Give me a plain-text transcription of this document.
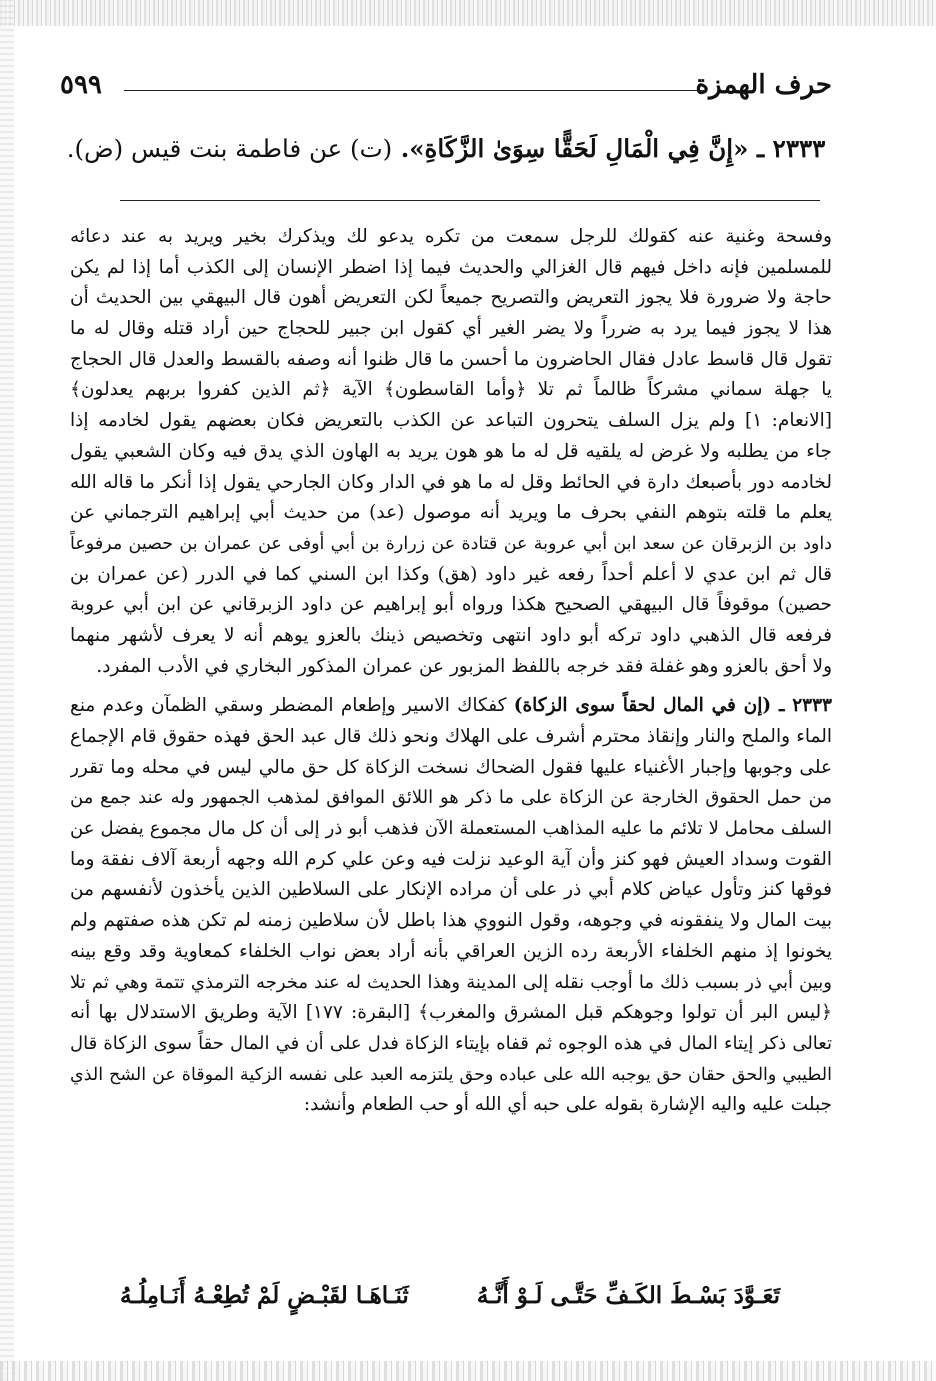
حرف الهمزة
٥٩٩
٢٣٣٣ ـ «إِنَّ فِي الْمَالِ لَحَقًّا سِوَىٰ الزَّكَاةِ». (ت) عن فاطمة بنت قيس (ض).
وفسحة وغنية عنه كقولك للرجل سمعت من تكره يدعو لك ويذكرك بخير ويريد به عند دعائه
للمسلمين فإنه داخل فيهم قال الغزالي والحديث فيما إذا اضطر الإنسان إلى الكذب أما إذا لم يكن
حاجة ولا ضرورة فلا يجوز التعريض والتصريح جميعاً لكن التعريض أهون قال البيهقي بين الحديث أن
هذا لا يجوز فيما يرد به ضرراً ولا يضر الغير أي كقول ابن جبير للحجاج حين أراد قتله وقال له ما
تقول قال قاسط عادل فقال الحاضرون ما أحسن ما قال ظنوا أنه وصفه بالقسط والعدل قال الحجاج
يا جهلة سماني مشركاً ظالماً ثم تلا ﴿وأما القاسطون﴾ الآية ﴿ثم الذين كفروا بربهم يعدلون﴾
[الانعام: ١] ولم يزل السلف يتحرون التباعد عن الكذب بالتعريض فكان بعضهم يقول لخادمه إذا
جاء من يطلبه ولا غرض له يلقيه قل له ما هو هون يريد به الهاون الذي يدق فيه وكان الشعبي يقول
لخادمه دور بأصبعك دارة في الحائط وقل له ما هو في الدار وكان الجارحي يقول إذا أنكر ما قاله الله
يعلم ما قلته بتوهم النفي بحرف ما ويريد أنه موصول (عد) من حديث أبي إبراهيم الترجماني عن
داود بن الزبرقان عن سعد ابن أبي عروبة عن قتادة عن زرارة بن أبي أوفى عن عمران بن حصين مرفوعاً
قال ثم ابن عدي لا أعلم أحداً رفعه غير داود (هق) وكذا ابن السني كما في الدرر (عن عمران بن
حصين) موقوفاً قال البيهقي الصحيح هكذا ورواه أبو إبراهيم عن داود الزبرقاني عن ابن أبي عروبة
فرفعه قال الذهبي داود تركه أبو داود انتهى وتخصيص ذينك بالعزو يوهم أنه لا يعرف لأشهر منهما
ولا أحق بالعزو وهو غفلة فقد خرجه باللفظ المزبور عن عمران المذكور البخاري في الأدب المفرد.
٢٣٣٣ ـ (إن في المال لحقاً سوى الزكاة) كفكاك الاسير وإطعام المضطر وسقي الظمآن وعدم منع
الماء والملح والنار وإنقاذ محترم أشرف على الهلاك ونحو ذلك قال عبد الحق فهذه حقوق قام الإجماع
على وجوبها وإجبار الأغنياء عليها فقول الضحاك نسخت الزكاة كل حق مالي ليس في محله وما تقرر
من حمل الحقوق الخارجة عن الزكاة على ما ذكر هو اللائق الموافق لمذهب الجمهور وله عند جمع من
السلف محامل لا تلائم ما عليه المذاهب المستعملة الآن فذهب أبو ذر إلى أن كل مال مجموع يفضل عن
القوت وسداد العيش فهو كنز وأن آية الوعيد نزلت فيه وعن علي كرم الله وجهه أربعة آلاف نفقة وما
فوقها كنز وتأول عياض كلام أبي ذر على أن مراده الإنكار على السلاطين الذين يأخذون لأنفسهم من
بيت المال ولا ينفقونه في وجوهه، وقول النووي هذا باطل لأن سلاطين زمنه لم تكن هذه صفتهم ولم
يخونوا إذ منهم الخلفاء الأربعة رده الزين العراقي بأنه أراد بعض نواب الخلفاء كمعاوية وقد وقع بينه
وبين أبي ذر بسبب ذلك ما أوجب نقله إلى المدينة وهذا الحديث له عند مخرجه الترمذي تتمة وهي ثم تلا
﴿ليس البر أن تولوا وجوهكم قبل المشرق والمغرب﴾ [البقرة: ١٧٧] الآية وطريق الاستدلال بها أنه
تعالى ذكر إيتاء المال في هذه الوجوه ثم قفاه بإيتاء الزكاة فدل على أن في المال حقاً سوى الزكاة قال
الطيبي والحق حقان حق يوجبه الله على عباده وحق يلتزمه العبد على نفسه الزكية الموقاة عن الشح الذي
جبلت عليه واليه الإشارة بقوله على حبه أي الله أو حب الطعام وأنشد:
تَعَـوَّدَ بَسْـطَ الكَـفِّ حَتَّـى لَـوْ أَنَّـهُ
ثَنَـاهَـا لقَبْـضٍ لَمْ تُطِعْـهُ أَنَـامِلُـهُ
